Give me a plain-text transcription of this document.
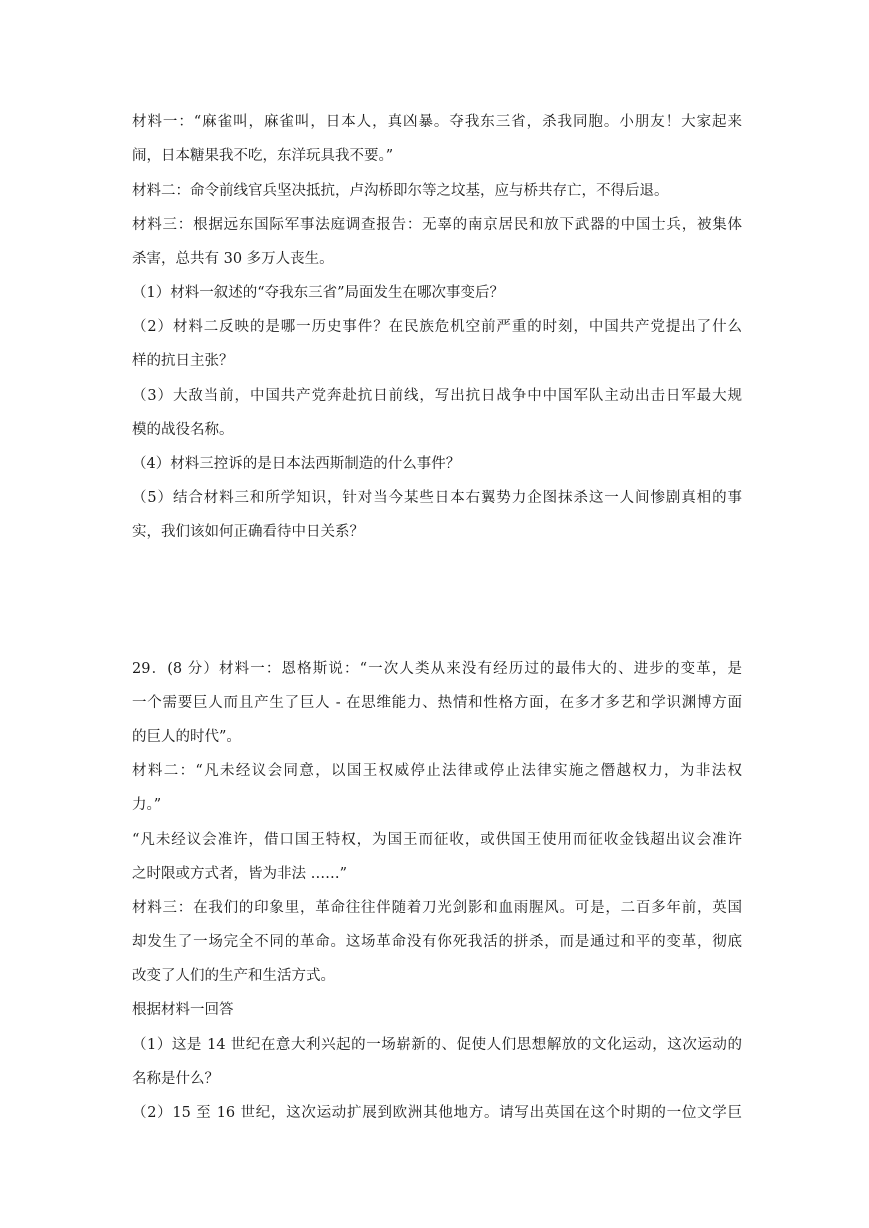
材料一：“麻雀叫，麻雀叫，日本人，真凶暴。夺我东三省，杀我同胞。小朋友！大家起来
闹，日本糖果我不吃，东洋玩具我不要。”
材料二：命令前线官兵坚决抵抗，卢沟桥即尔等之坟基，应与桥共存亡，不得后退。
材料三：根据远东国际军事法庭调查报告：无辜的南京居民和放下武器的中国士兵，被集体
杀害，总共有 30 多万人丧生。
（1）材料一叙述的“夺我东三省”局面发生在哪次事变后？
（2）材料二反映的是哪一历史事件？在民族危机空前严重的时刻，中国共产党提出了什么
样的抗日主张？
（3）大敌当前，中国共产党奔赴抗日前线，写出抗日战争中中国军队主动出击日军最大规
模的战役名称。
（4）材料三控诉的是日本法西斯制造的什么事件？
（5）结合材料三和所学知识，针对当今某些日本右翼势力企图抹杀这一人间惨剧真相的事
实，我们该如何正确看待中日关系？
29．(8 分）材料一：恩格斯说：“一次人类从来没有经历过的最伟大的、进步的变革，是
一个需要巨人而且产生了巨人 - 在思维能力、热情和性格方面，在多才多艺和学识渊博方面
的巨人的时代”。
材料二：“凡未经议会同意，以国王权威停止法律或停止法律实施之僭越权力，为非法权
力。”
“凡未经议会准许，借口国王特权，为国王而征收，或供国王使用而征收金钱超出议会准许
之时限或方式者，皆为非法 ……”
材料三：在我们的印象里，革命往往伴随着刀光剑影和血雨腥风。可是，二百多年前，英国
却发生了一场完全不同的革命。这场革命没有你死我活的拼杀，而是通过和平的变革，彻底
改变了人们的生产和生活方式。
根据材料一回答
（1）这是 14 世纪在意大利兴起的一场崭新的、促使人们思想解放的文化运动，这次运动的
名称是什么？
（2）15 至 16 世纪，这次运动扩展到欧洲其他地方。请写出英国在这个时期的一位文学巨
